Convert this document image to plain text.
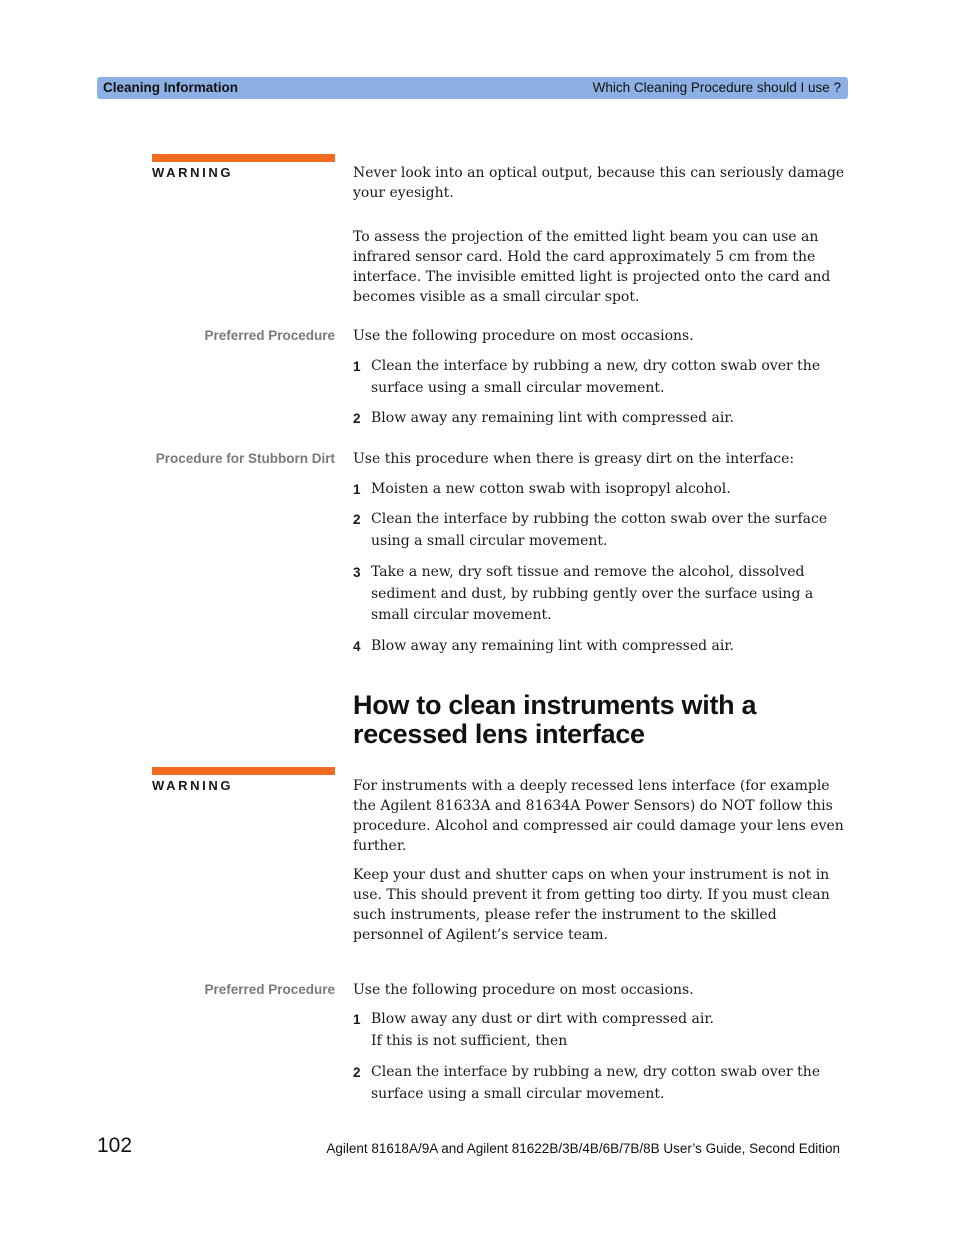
Cleaning Information	Which Cleaning Procedure should I use ?
WARNING	Never look into an optical output, because this can seriously damage your eyesight.
To assess the projection of the emitted light beam you can use an infrared sensor card. Hold the card approximately 5 cm from the interface. The invisible emitted light is projected onto the card and becomes visible as a small circular spot.
Preferred Procedure Use the following procedure on most occasions.
1 Clean the interface by rubbing a new, dry cotton swab over the surface using a small circular movement.
2 Blow away any remaining lint with compressed air.
Procedure for Stubborn Dirt Use this procedure when there is greasy dirt on the interface:
1 Moisten a new cotton swab with isopropyl alcohol.
2 Clean the interface by rubbing the cotton swab over the surface using a small circular movement.
3 Take a new, dry soft tissue and remove the alcohol, dissolved sediment and dust, by rubbing gently over the surface using a small circular movement.
4 Blow away any remaining lint with compressed air.
How to clean instruments with a recessed lens interface
WARNING	For instruments with a deeply recessed lens interface (for example the Agilent 81633A and 81634A Power Sensors) do NOT follow this procedure. Alcohol and compressed air could damage your lens even further.
Keep your dust and shutter caps on when your instrument is not in use. This should prevent it from getting too dirty. If you must clean such instruments, please refer the instrument to the skilled personnel of Agilent’s service team.
Preferred Procedure Use the following procedure on most occasions.
1 Blow away any dust or dirt with compressed air.
If this is not sufficient, then
2 Clean the interface by rubbing a new, dry cotton swab over the surface using a small circular movement.
102	Agilent 81618A/9A and Agilent 81622B/3B/4B/6B/7B/8B User’s Guide, Second Edition
